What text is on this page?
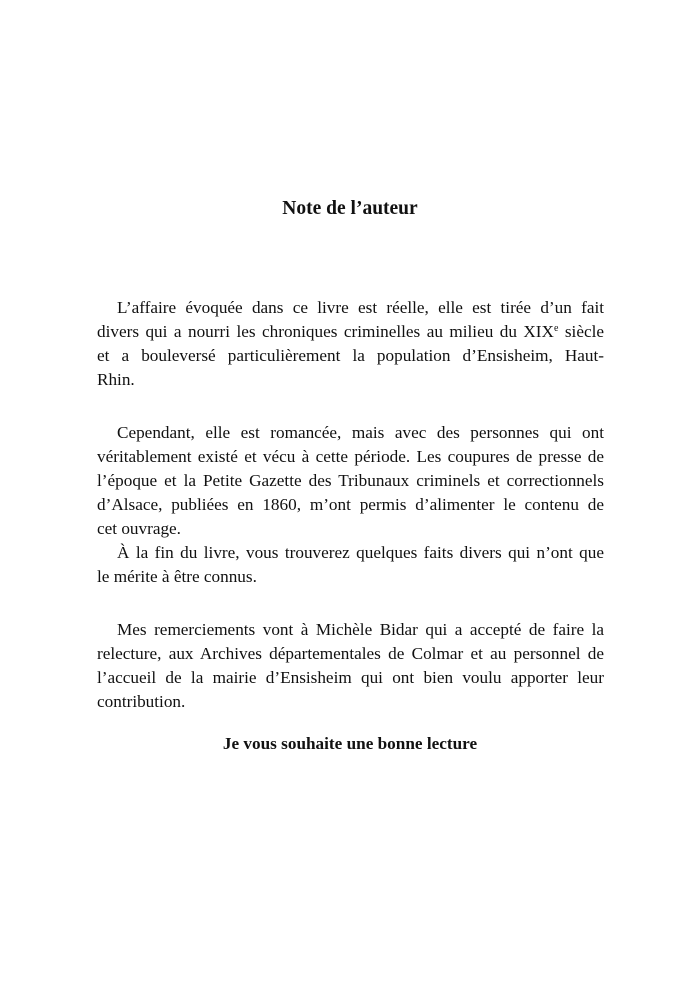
Note de l’auteur
L’affaire évoquée dans ce livre est réelle, elle est tirée d’un fait
divers qui a nourri les chroniques criminelles au milieu du XIXe siècle
et a bouleversé particulièrement la population d’Ensisheim, Haut-
Rhin.
Cependant, elle est romancée, mais avec des personnes qui ont
véritablement existé et vécu à cette période. Les coupures de presse de
l’époque et la Petite Gazette des Tribunaux criminels et correctionnels
d’Alsace, publiées en 1860, m’ont permis d’alimenter le contenu de
cet ouvrage.
À la fin du livre, vous trouverez quelques faits divers qui n’ont que
le mérite à être connus.
Mes remerciements vont à Michèle Bidar qui a accepté de faire la
relecture, aux Archives départementales de Colmar et au personnel de
l’accueil de la mairie d’Ensisheim qui ont bien voulu apporter leur
contribution.
Je vous souhaite une bonne lecture
